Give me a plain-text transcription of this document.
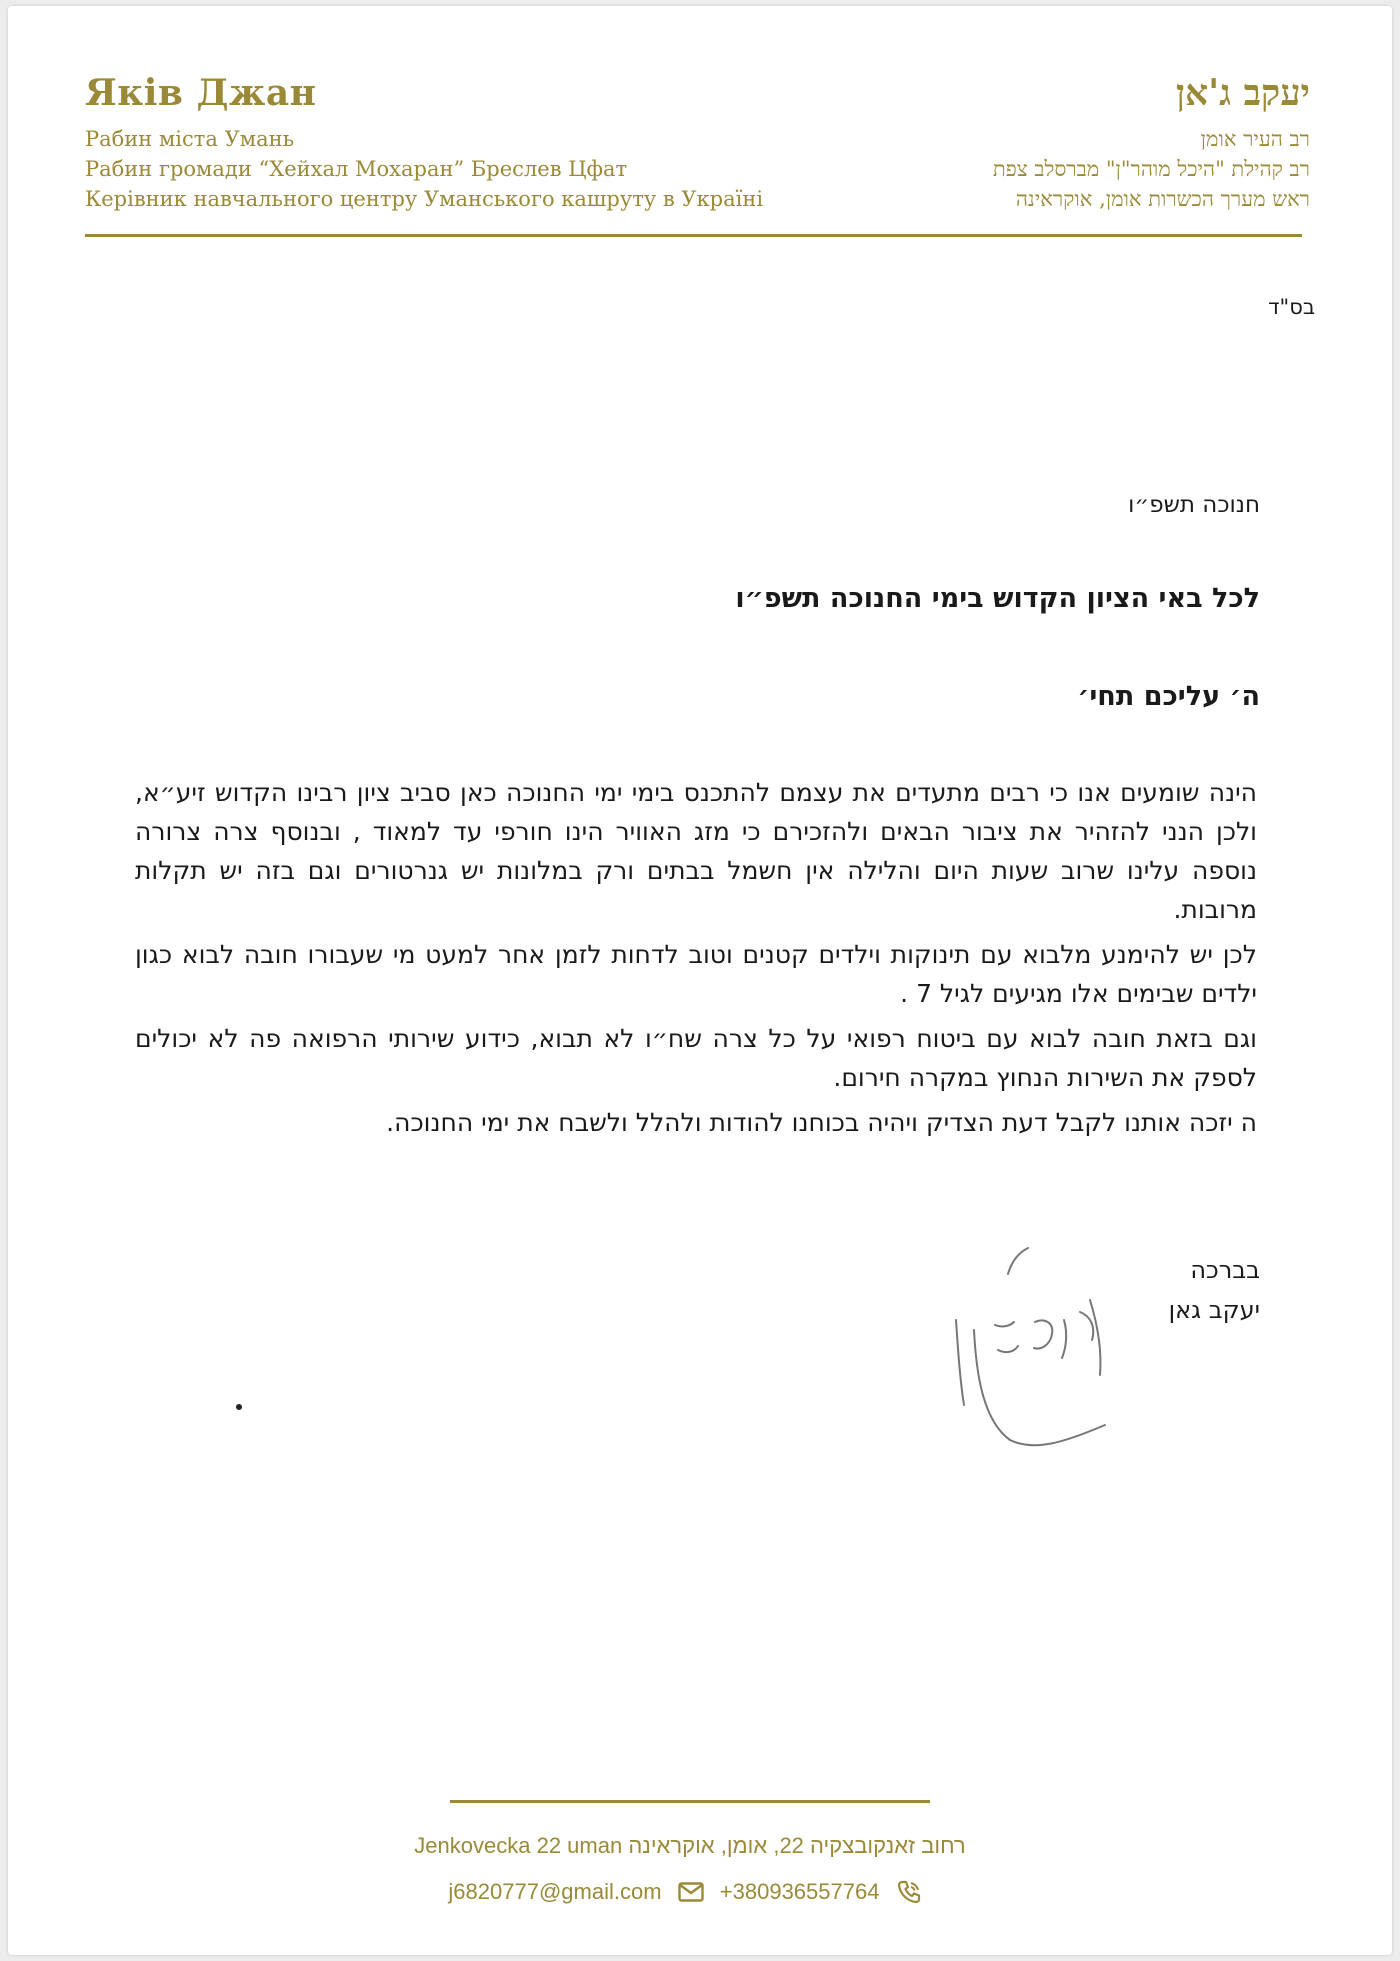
Яків Джан
Рабин міста Умань
Рабин громади “Хейхал Мохаран” Бреслев Цфат
Керівник навчального центру Уманського кашруту в Україні
יעקב ג'אן
רב העיר אומן
רב קהילת "היכל מוהר"ן" מברסלב צפת
ראש מערך הכשרות אומן, אוקראינה
בס"ד
חנוכה תשפ״ו
לכל באי הציון הקדוש בימי החנוכה תשפ״ו
ה׳ עליכם תחי׳

הינה שומעים אנו כי רבים מתעדים את עצמם להתכנס בימי ימי החנוכה כאן סביב ציון רבינו הקדוש זיע״א, ולכן הנני להזהיר את ציבור הבאים ולהזכירם כי מזג האוויר הינו חורפי עד למאוד , ובנוסף צרה צרורה נוספה עלינו שרוב שעות היום והלילה אין חשמל בבתים ורק במלונות יש גנרטורים וגם בזה יש תקלות מרובות.

לכן יש להימנע מלבוא עם תינוקות וילדים קטנים וטוב לדחות לזמן אחר למעט מי שעבורו חובה לבוא כגון ילדים שבימים אלו מגיעים לגיל 7 .

וגם בזאת חובה לבוא עם ביטוח רפואי על כל צרה שח״ו לא תבוא, כידוע שירותי הרפואה פה לא יכולים לספק את השירות הנחוץ במקרה חירום.

ה יזכה אותנו לקבל דעת הצדיק ויהיה בכוחנו להודות ולהלל ולשבח את ימי החנוכה.

בברכה
יעקב גאן
Jenkovecka 22 uman רחוב זאנקובצקיה 22, אומן, אוקראינה
j6820777@gmail.com	+380936557764
